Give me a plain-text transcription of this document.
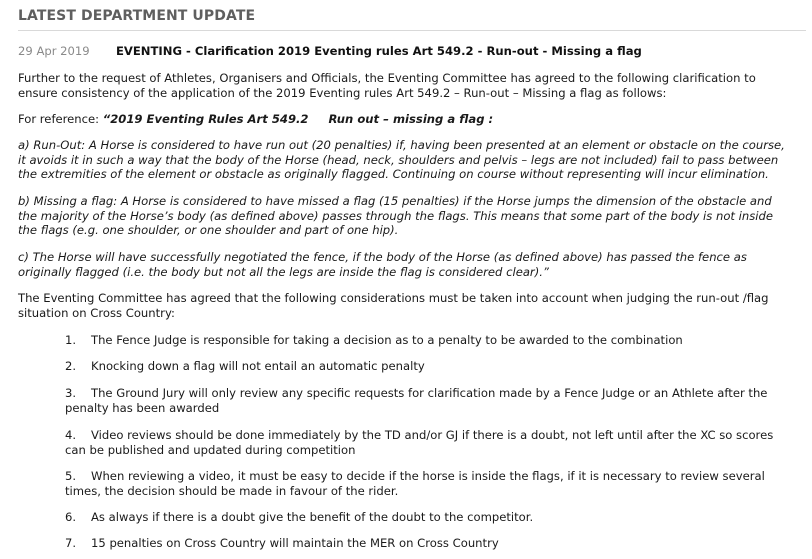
LATEST DEPARTMENT UPDATE
29 Apr 2019 EVENTING - Clarification 2019 Eventing rules Art 549.2 - Run-out - Missing a flag

Further to the request of Athletes, Organisers and Officials, the Eventing Committee has agreed to the following clarification to ensure consistency of the application of the 2019 Eventing rules Art 549.2 – Run-out – Missing a flag as follows:

For reference: “2019 Eventing Rules Art 549.2 Run out – missing a flag :

a) Run-Out: A Horse is considered to have run out (20 penalties) if, having been presented at an element or obstacle on the course, it avoids it in such a way that the body of the Horse (head, neck, shoulders and pelvis – legs are not included) fail to pass between the extremities of the element or obstacle as originally flagged. Continuing on course without representing will incur elimination.

b) Missing a flag: A Horse is considered to have missed a flag (15 penalties) if the Horse jumps the dimension of the obstacle and the majority of the Horse’s body (as defined above) passes through the flags. This means that some part of the body is not inside the flags (e.g. one shoulder, or one shoulder and part of one hip).

c) The Horse will have successfully negotiated the fence, if the body of the Horse (as defined above) has passed the fence as originally flagged (i.e. the body but not all the legs are inside the flag is considered clear).”

The Eventing Committee has agreed that the following considerations must be taken into account when judging the run-out /flag situation on Cross Country:

1. The Fence Judge is responsible for taking a decision as to a penalty to be awarded to the combination
2. Knocking down a flag will not entail an automatic penalty
3. The Ground Jury will only review any specific requests for clarification made by a Fence Judge or an Athlete after the penalty has been awarded
4. Video reviews should be done immediately by the TD and/or GJ if there is a doubt, not left until after the XC so scores can be published and updated during competition
5. When reviewing a video, it must be easy to decide if the horse is inside the flags, if it is necessary to review several times, the decision should be made in favour of the rider.
6. As always if there is a doubt give the benefit of the doubt to the competitor.
7. 15 penalties on Cross Country will maintain the MER on Cross Country
